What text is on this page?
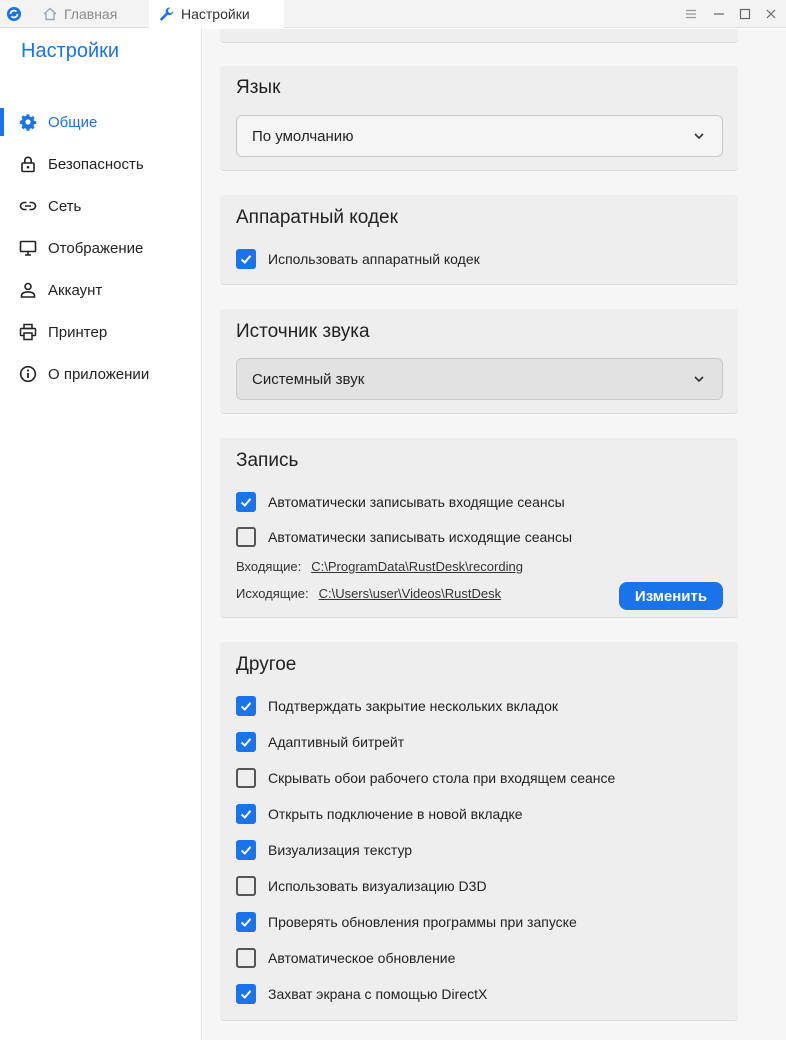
Главная	Настройки
Настройки
Общие
Безопасность
Сеть
Отображение
Аккаунт
Принтер
О приложении
Язык
По умолчанию
Аппаратный кодек
Использовать аппаратный кодек
Источник звука
Системный звук
Запись
Автоматически записывать входящие сеансы
Автоматически записывать исходящие сеансы
Входящие: C:\ProgramData\RustDesk\recording
Исходящие: C:\Users\user\Videos\RustDesk	Изменить
Другое
Подтверждать закрытие нескольких вкладок
Адаптивный битрейт
Скрывать обои рабочего стола при входящем сеансе
Открыть подключение в новой вкладке
Визуализация текстур
Использовать визуализацию D3D
Проверять обновления программы при запуске
Автоматическое обновление
Захват экрана с помощью DirectX
